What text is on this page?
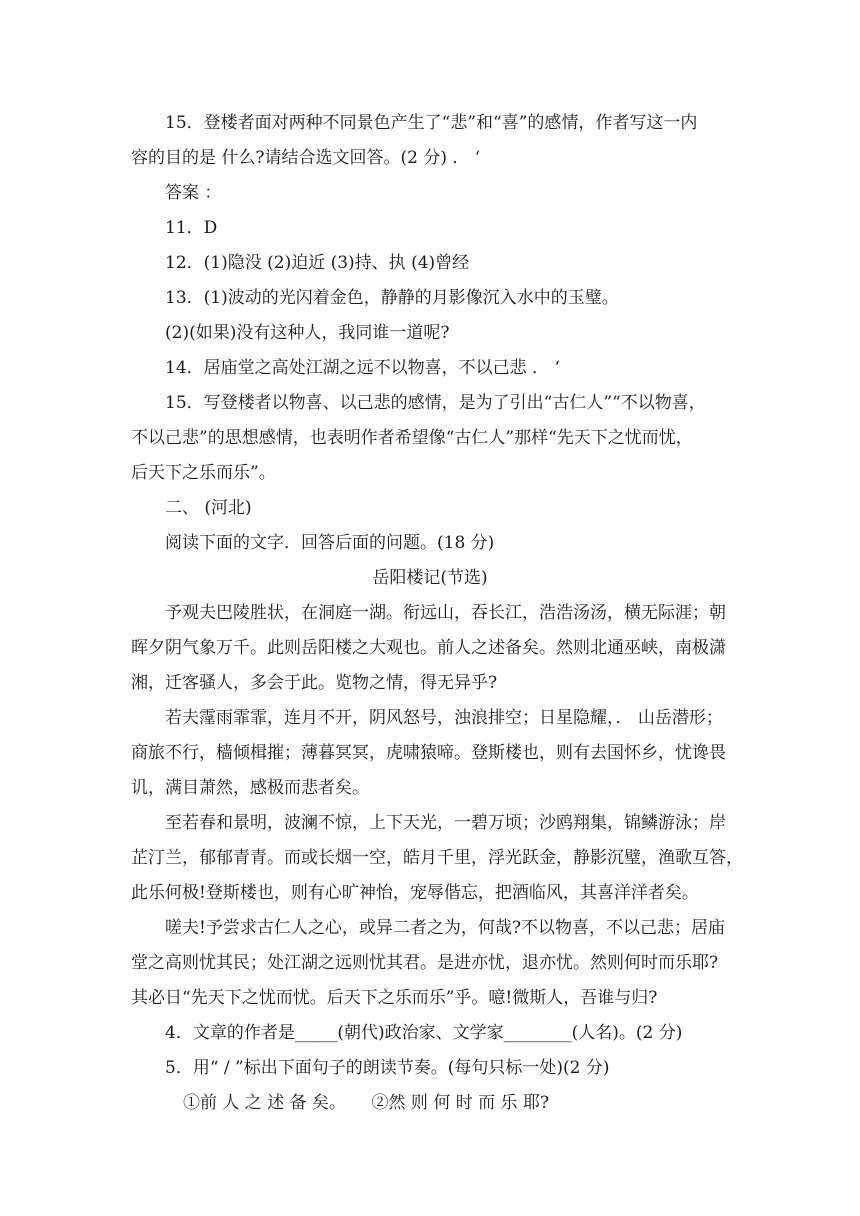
15．登楼者面对两种不同景色产生了“悲”和“喜”的感情，作者写这一内
容的目的是 什么?请结合选文回答。(2 分) ． ‘
答案 ：
11．D
12．(1)隐没 (2)迫近 (3)持、执 (4)曾经
13．(1)波动的光闪着金色，静静的月影像沉入水中的玉璧。
(2)(如果)没有这种人，我同谁一道呢?
14．居庙堂之高处江湖之远不以物喜，不以己悲 ． ‘
15．写登楼者以物喜、以己悲的感情，是为了引出“古仁人”“不以物喜，
不以己悲”的思想感情，也表明作者希望像“古仁人”那样“先天下之忧而忧，
后天下之乐而乐”。
二、 (河北)
阅读下面的文字．回答后面的问题。(18 分)
岳阳楼记(节选)
予观夫巴陵胜状，在洞庭一湖。衔远山，吞长江，浩浩汤汤，横无际涯；朝
晖夕阴气象万千。此则岳阳楼之大观也。前人之述备矣。然则北通巫峡，南极潇
湘，迁客骚人，多会于此。览物之情，得无异乎?
若夫霪雨霏霏，连月不开，阴风怒号，浊浪排空；日星隐耀，． 山岳潜形；
商旅不行，樯倾楫摧；薄暮冥冥，虎啸猿啼。登斯楼也，则有去国怀乡，忧谗畏
讥，满目萧然，感极而悲者矣。
至若春和景明，波澜不惊，上下天光，一碧万顷；沙鸥翔集，锦鳞游泳；岸
芷汀兰，郁郁青青。而或长烟一空，皓月千里，浮光跃金，静影沉璧，渔歌互答，
此乐何极!登斯楼也，则有心旷神怡，宠辱偕忘，把酒临风，其喜洋洋者矣。
嗟夫!予尝求古仁人之心，或异二者之为，何哉?不以物喜，不以己悲；居庙
堂之高则忧其民；处江湖之远则忧其君。是进亦忧，退亦忧。然则何时而乐耶?
其必日“先天下之忧而忧。后天下之乐而乐”乎。噫!微斯人，吾谁与归?
4．文章的作者是_____(朝代)政治家、文学家________(人名)。(2 分)
5．用“ / ”标出下面句子的朗读节奏。(每句只标一处)(2 分)
①前 人 之 述 备 矣。　　②然 则 何 时 而 乐 耶?
